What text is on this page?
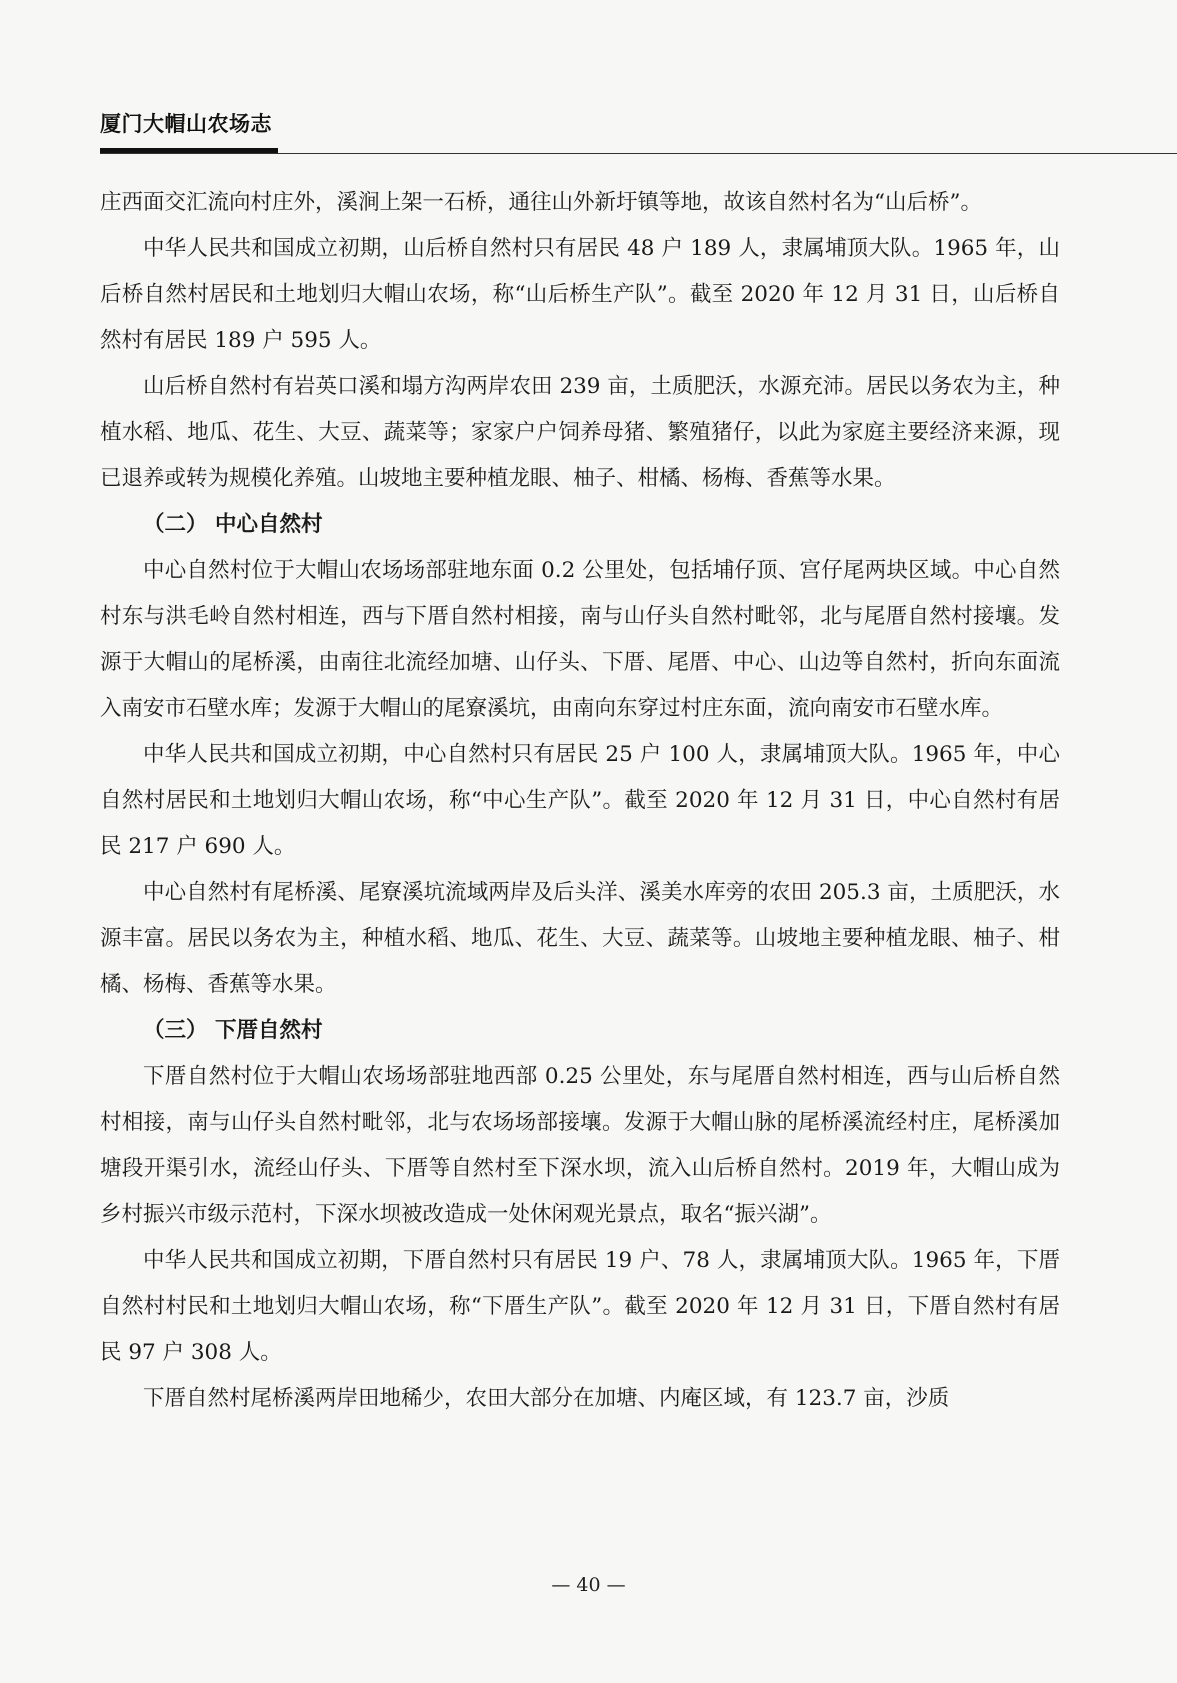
厦门大帽山农场志

庄西面交汇流向村庄外，溪涧上架一石桥，通往山外新圩镇等地，故该自然村名为“山后桥”。

中华人民共和国成立初期，山后桥自然村只有居民 48 户 189 人，隶属埔顶大队。1965 年，山后桥自然村居民和土地划归大帽山农场，称“山后桥生产队”。截至 2020 年 12 月 31 日，山后桥自然村有居民 189 户 595 人。

山后桥自然村有岩英口溪和塌方沟两岸农田 239 亩，土质肥沃，水源充沛。居民以务农为主，种植水稻、地瓜、花生、大豆、蔬菜等；家家户户饲养母猪、繁殖猪仔，以此为家庭主要经济来源，现已退养或转为规模化养殖。山坡地主要种植龙眼、柚子、柑橘、杨梅、香蕉等水果。

（二） 中心自然村

中心自然村位于大帽山农场场部驻地东面 0.2 公里处，包括埔仔顶、宫仔尾两块区域。中心自然村东与洪毛岭自然村相连，西与下厝自然村相接，南与山仔头自然村毗邻，北与尾厝自然村接壤。发源于大帽山的尾桥溪，由南往北流经加塘、山仔头、下厝、尾厝、中心、山边等自然村，折向东面流入南安市石壁水库；发源于大帽山的尾寮溪坑，由南向东穿过村庄东面，流向南安市石壁水库。

中华人民共和国成立初期，中心自然村只有居民 25 户 100 人，隶属埔顶大队。1965 年，中心自然村居民和土地划归大帽山农场，称“中心生产队”。截至 2020 年 12 月 31 日，中心自然村有居民 217 户 690 人。

中心自然村有尾桥溪、尾寮溪坑流域两岸及后头洋、溪美水库旁的农田 205.3 亩，土质肥沃，水源丰富。居民以务农为主，种植水稻、地瓜、花生、大豆、蔬菜等。山坡地主要种植龙眼、柚子、柑橘、杨梅、香蕉等水果。

（三） 下厝自然村

下厝自然村位于大帽山农场场部驻地西部 0.25 公里处，东与尾厝自然村相连，西与山后桥自然村相接，南与山仔头自然村毗邻，北与农场场部接壤。发源于大帽山脉的尾桥溪流经村庄，尾桥溪加塘段开渠引水，流经山仔头、下厝等自然村至下深水坝，流入山后桥自然村。2019 年，大帽山成为乡村振兴市级示范村，下深水坝被改造成一处休闲观光景点，取名“振兴湖”。

中华人民共和国成立初期，下厝自然村只有居民 19 户、78 人，隶属埔顶大队。1965 年，下厝自然村村民和土地划归大帽山农场，称“下厝生产队”。截至 2020 年 12 月 31 日，下厝自然村有居民 97 户 308 人。

下厝自然村尾桥溪两岸田地稀少，农田大部分在加塘、内庵区域，有 123.7 亩，沙质

— 40 —
